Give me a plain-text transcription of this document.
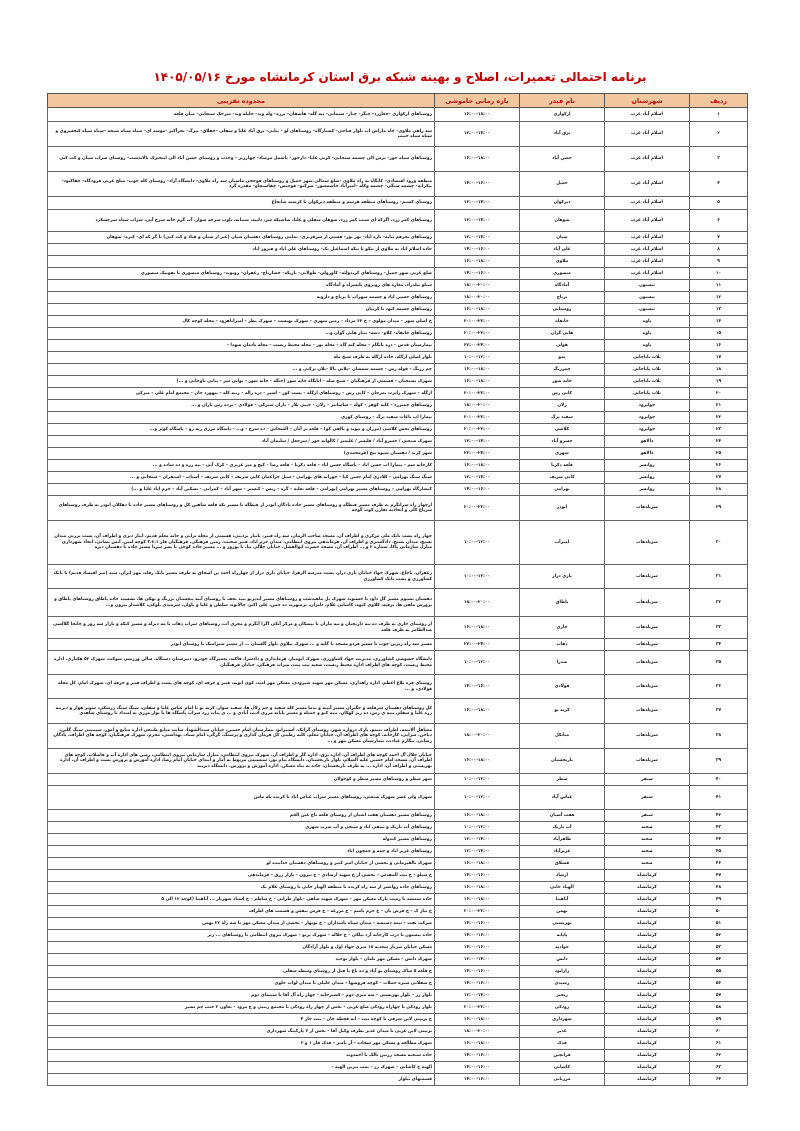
برنامه احتمالی تعمیرات، اصلاح و بهینه شبکه برق استان کرمانشاه مورخ ۱۴۰۵/۰۵/۱۶
ردیف	شهرستان	نام فیدر	بازه زمانی خاموشی	محدوده تقریبی
۱	اسلام آباد غرب	ارکوازی	۱۶:۰۰-۱۸:۰۰	روستاهای ارکوازی –چغازرد– چنگر– چنار– سیمانی– تیه گله– هاشقان– برزه– وله وند– جلیله وند– سرخک سنجابی– میان قلعه
۲	اسلام آباد غرب	برق آباد	۱۲:۰۰-۱۴:۰۰	سه راهی ملاوی– چاه ماراش اب بلوار فتاحی– کشتارگاه– روستاهای لو – بنانی– برق آباد علیا و سفلی –چقلاق– بیرگ– تجرآکبر –موسه ای– سیاه سیاه شیخه –سیاه سیاه کیخسروی و سیاه سیاه حبیب
۳	اسلام آباد غرب	حسن آباد	۱۶:۰۰-۱۸:۰۰	روستاهای سیاه خور– ترس الی چشمه سنجابی– کربی علیا– دارخور– باشمل مرصاد– چهارزبر – وحدت و روستای حسن آباد الی انتخبرک تالاندشت– روستای سراب شیان و کت کنی
۴	اسلام آباد غرب	حمیل	۱۴:۰۰-۱۶:۰۰	منطقه ورود اقتصادی– کانگاه نه راه ملاوی –ضلع شمالی شهر حمیل و روستاهای قوجحی ماسبان سه راه ملاوی– دانشگاه آزاد– روستای کله جوب– منلج غربی فرودگاه– چقاکبود– بیکرانه– چشمه سنگی– چشمه وکله –امیرآباد خاشمسور– سرکنو– قوجبس– چقاسنچاو– مقدره گرد
۵	اسلام آباد غرب	دیرکوان	۱۲:۰۰-۱۴:۰۰	روستای کشتم– روستاهای منطقه هرسم و منطقه دیرکوان تا کرشته شانجاغ
۶	اسلام آباد غرب	شوهان	۱۲:۰۰-۱۴:۰۰	روستاهای کمر زرد، اگرکه ای شبت کمر زرد، شوهان سفلی و علیا، شاشیکه سر، دلیبه، شنبانه، تاوت سرخه سوار، آب گرم خانه سرخ آبی، سراب سیاه سرچشکرد
۷	اسلام آباد غرب	شیان	۱۲:۰۰-۱۴:۰۰	روستاهای تحرقم پنانه– تازه اباد– نور نور– قستی از سرقرنزی– تمامی روستاهای دهستان شیان (غیر از شیان و قباد و کت کنی) تا گر که ای– کنره– شوهان
۸	اسلام آباد غرب	علی آباد	۱۴:۰۰-۱۶:۰۰	جاده اسلام اباد به ملاوی از تنکو تا تنکه اسماعیل بک– روستاهای علی اباد و فیروز اباد
۹	اسلام آباد غرب	ملاوی	۱۶:۰۰-۱۸:۰۰	
۱۰	اسلام آباد غرب	منصوری	۱۴:۰۰-۱۶:۰۰	ضلع غربی شهر حمیل– روستاهای کرندولئه– کاورولی– طولابی– باریکه– خسارتاج– زعفران– رونوند– روستاهای منصوری تا نفونیک منصوری
۱۱	بیستون	آمادگاه	۱۸:۰۰-۲۰:۰۰	سیلو بیلدراد، مغازه های روبروی پلیسراه و آمادگاه
۱۲	بیستون	برناج	۱۸:۰۰-۲۰:۰۰	روستاهای حسین اباد و چشمه سهراب تا برناج و دارونه
۱۳	بیستون	روستایی	۱۶:۰۰-۱۸:۰۰	روستاهای چشمه کبود تا کرنیان
۱۴	پاوه	خانقاه	۲۰:۰۰-۲۲:۰۰	خ اصلی شهر – میدان مولوی – خ ۲۲ مرداد – زمین شهری – شهرک تهیست – شهرک نظر – امیراباهرود – محله کوچه کال
۱۵	پاوه	هانی گران	۲۰:۰۰-۲۲:۰۰	روستاهای خانقاه– کلاو– دشه– بیناز هانی گوان و...
۱۶	پاوه	هولی	۲۲:۰۰-۲۴:۰۰	بیمارستان قدس – دره بانگام – محله کته گاه – محله بوز – محله محیط زیست – محله یادمان شهدا –
۱۷	ثلاث باباجانی	بمو	۱۰:۰۰-۱۲:۰۰	بلوار اصلی ازگله، جاده ازگله به طرف شیخ مله
۱۸	ثلاث باباجانی	چمرزنگ	۱۶:۰۰-۱۸:۰۰	چم زرنگ – قوله رش – چشمه شمشان –بلاتی بالا –بلان ترکنی و ...
۱۹	ثلاث باباجانی	خانه شور	۱۶:۰۰-۱۸:۰۰	شهرک بسیجیان – قسمتی از فرهنگیان – شیخ صله – ابانگاه خانه شور (جنگه – خانه شور – بوانی سر – بنانی تاوخانی و ...)
۲۰	ثلاث باباجانی	کانی رش	۲۰:۰۰-۲۲:۰۰	ازگله – شهرک زایرت نمرجان – کانی رش – روستاهای ازگله – پشت کور – اسپر – دره زاله – زینه کله – بنهورد جان – مجتمع امام علی – میرکی
۲۱	جوانرود	زلان	۱۸:۰۰-۲۰:۰۰	روستاهای چمبزرد – کلیه کوهر – کوله – ساسانبر – زلان – جینی بلاز – باران سبزکی – فولادی – پرده رش باران و ...
۲۲	جوانرود	سفید برگ	۲۰:۰۰-۲۲:۰۰	بیمارا اب باغات سفید برگ – روستای کوری
۲۳	جوانرود	کلاشی	۲۰:۰۰-۲۲:۰۰	روستاهای بخش کلاشی (مزران و بیوند و بالفی کو) – قلعه بر آبان – الشحاس – ده سرخ – و... – پاسگاه مرزی ریه رو – پاسگاه کوئر و...
۲۴	دالاهو	خسرو آباد	۱۲:۰۰-۱۴:۰۰	شهرک صنعتی / خسرو آباد / قلیسر / علیمیر / کالوانه خور / سرجعل / سلیمان آباد
۲۵	دالاهو	شهری	۲۲:۰۰-۲۴:۰۰	شهر کرند / دهستان شیوه نیچ (قرمحمدی)
۲۶	روانسر	قلعه ذکریا	۱۶:۰۰-۱۸:۰۰	کارخانه سم – بیمارا اب حسن اباد – پاسگاه حسن اباد – قلعه ذکریا – قلعه رضا – کیچ و میر عزیزی – کرک آبی – ننه رزه و ده ساده و ...
۲۷	روانسر	کانی شریف	۱۲:۰۰-۱۴:۰۰	سنگ سنگ بهرامی – کلادری امام حسن کیا – خوزانه های بهرامی – سیل چراغمان کانی شریف – کانی شریف – آسیاب – اسنقران – سنجانی و ...
۲۸	روانسر	بهرامی	۱۴:۰۰-۱۶:۰۰	کنشارگاه بهرامی – روستاهای مسیر بهرامی (بهرامی – قلعه تعلیه – گره – ریس – کنستر – شهر آباد – کمرانی – نسکین آباد – خرم اباد علیا و ...)
۲۹	سرپلذهاب	ابوذر	۲۰:۰۰-۲۲:۰۰	ازچهار راه سرابگرم به طرف مسیر قبطگه و روستاهای مسیر جاده پادگان ابوذر از قبطگه تا مسیر تکه قلعه شاهین کل و روستاهای مسیر جاده تا دهکلان ابوذر به طرف روستاهای سرپاغ کلی و اتحادیه تقارن کوب گوچه
۳۰	سرپلذهاب	امیرآب	۱۰:۰۰-۱۲:۰۰	چهار راه پشت بانک ملی مرکزی و اطراف آن، مسجد صاحب الزمان، سه راه قنبر، بانیار بزدینی، قسمتی از محله ترانی و خانه معلم قدیم، انبار دیزی و اطراف آن، پست بزرتی میدان بسیج، میدان بسیج، دادگستری و اطراف آن، فرماندهی نیروی انتظامی، میدان خرم اباد، قنبر صحبت، زمین فرهنگی، فرهنگیان فاز ۳،۲،۱ کوچه امین، آتش نشانی، اتحاد شهرداری منازل سازمانی پاکا، شماره ۲ و ... اطراف آن، مسجد حضرت ابوالفضل، خیابان جلالی نیا، تا نوروز و ... مسیر جاده کوچی تا نصر سرتا مسیر جاده تا دهستان دیره
۳۱	سرپلذهاب	بازی دراز	۱۰:۰۰-۱۲:۰۰	زعفران، پاچاغ، شهرک جهاد خیابان بازی دراز، پشت مدرسه الزهرا، خیابان بازی دراز از چهارراه احمد بن اسحاق به طرف مسیر بانک رفاه، مهر ایران، سید (میر اقتصاد قدیم) تا بانک کشاورزی و پشت بانک کشاورزی
۳۲	سرپلذهاب	پاطاق	۱۸:۰۰-۲۰:۰۰	دهستان بشیوم مسیر گل داود تا حسنوند شهرک پل ماهیدشت و روستاهای مسیر آبدیرنو نبید نجف تا روستای آبنه پنجستان برزنگ و بهکی ها، نشست جاده پاطاق روستاهای پاطاق و پرورش ماهی ها، برقيه، کلاوی کیوه، کاشانی غلام، دلیران، ترمیهره، ده چمن، علی اکبر، چالانوه، سلطن و علیا و باوان، سرمیدی بلوکی، کلاشدار بیرون و...
۳۳	سرپلذهاب	جاری	۱۶:۰۰-۱۸:۰۰	از روستای جاری به طرف ده تیه داربچنان و تیه ماران تا نیشکان و مرکز آبکی اگرا آبگرم و مجری آب، روستاهای سراب ذهاب تا مه دبرله و مسیر کیکه و بازار سه روز و جابجا گلالسی صدالظامر به طرف قلعه
۳۴	سرپلذهاب	ذهاب	۲۲:۰۰-۲۴:۰۰	مسیر سه راه ریزین جوب تا مسیر فردو مسجد با گلیه و ... شهرک بیلاوی بلوار گلستان ... از مسیر سیرامیک تا روستای ابوذر
۳۵	سرپلذهاب	صدرا	۱۰:۰۰-۱۲:۰۰	دانشگاه خصوصی کشاورزی، مدیریت جهاد کشاورزی، شهرک ابومبار، فرمانداری و دادسرا، فاکیه، تعمیرگاه خودرو، دبیرستان دستگاه، سالن ورزشی شوکت، شهرک ۵۲ هکتاری، اداره محیط زیست، کوچه های اطراف اداره محیط زیست، شعبه ثبت پیت، میراث فرهنگی، خیابان فرهنگیان
۳۶	سرپلذهاب	فولادی	۱۴:۰۰-۱۶:۰۰	روستای قره بلاغ اعظم، اداره راهداری، مسکن مهر شهید شیرودی، مسکن مهر امید، کوی اتوبه، قنبر و حرفه ای، کوچه های پشت و اطراف قنبر و حرفه ای، شهرک امام، کل محله فولادی، و ...
۳۷	سرپلذهاب	کرنه نو	۱۶:۰۰-۱۸:۰۰	کل روستاهای دهستان سرقلعه و جگیران مسیر آبینه و ندما مسیر کله سفید و چم زلال ها، سفید سوار، کرنه نو تا امام عباس علیا و سفلی، سنگ سنگ زرشکی، سوبر هوار و دیرینه زره علیا و سفلی تنبه ی رش، ده زیر کهکان، تنبه کنو و خمیله و مسیر پایانه مرزی ادیب آبادی و ... ی بنات زرد سراب پاسگاه ها تا نوار مرزی به امتداد تا روستای شاهدی
۳۸	سرپلذهاب	مبانکل	۱۸:۰۰-۲۰:۰۰	مشاهل آلاثیمه، اطراف بتیمو، پارک دروازه شهر، روستای گرانک، اسپیرانو، بیمارستان امام حسین، خیابان سیدالشهدا، سایت منابع طبیعی اداره منابع و امور، سپیتینی سنگ گلین، دیاخن، سرایی، کارخانه، کوچه های اطراف آن، خیابان معلم، کلیه رطبنی کل فرمان گذاری و پرسنگ، گرگی، امام ستاد، بهداشتی، محرم، شهرک فرهنگیان، کوچه های اطراف، پادگان رضایی، بنگارم عبادت، بیمارستان مسکن مهر و ...
۳۹	سرپلذهاب	نارنجستان	۱۶:۰۰-۱۸:۰۰	خیابان جلال آل احمد کوچه های اطراف آن، اداره برق، اداره گاز و اطراف آن، شهرک نیروی انتظامی، منازل سازمانی نیروی انتظامی، زمین های اداره آب و فاضلاب، کوچه های اطراف آن، مسجد امام حسین علیه السلام، بلوار نارنجستان، دانشگاه پیام نور، سیستمی مربوط به آمار و ابتدای خیابان امام رضا، اداره آموزش و پرورش پشت و اطراف آن، اداره بهزیستی و اطراف آن، اداره ... به طرف نارنجستان، جاده به بناه مسکن، اداره آموزش و پرورش، دانشگاه دیرینه
۴۰	سنقر	سطر	۱۰:۰۰-۱۲:۰۰	شهر سطر و روستاهای مسیر سطر و کوخولان
۴۱	سنقر	عباس آباد	۱۰:۰۰-۱۲:۰۰	شهرک ولی عصر شهرک صنعتی، روستاهای مسیر سراب عباس آباد تا کرنده تله ماس
۴۲	سنقر	هفت آشیان	۱۶:۰۰-۱۸:۰۰	روستاهای مسیر دهستان هفت اشیان از روستای قلعه تاج عین الخم
۴۳	صحنه	آب باریک	۱۰:۰۰-۱۲:۰۰	روستاهای آب باریک و بنیفی اباد و شیخی و آب شرب شهری
۴۴	صحنه	طاهرآباد	۱۲:۰۰-۱۴:۰۰	روستاهای مسیر کندوله
۴۵	صحنه	عزیزآباد	۱۲:۰۰-۱۴:۰۰	روستاهای عزیز اباد و چمه و چمچون اباد
۴۶	صحنه	قشلاق	۱۶:۰۰-۱۸:۰۰	شهرک نالفیرمانی و بخشی از خیابان امیر کبیر و روستاهای دهستان خدابنده لو
۴۷	کرمانشاه	ارشاد	۱۴:۰۰-۱۶:۰۰	خ سیلو – خ بیت المقدس – بخشی از خ شهید ارشادی – ج بیرون – بازار رزق – فرماندهی
۴۸	کرمانشاه	الهیاد خانی	۱۶:۰۰-۱۸:۰۰	روستاهای جاده روانسر از سه راه کرنده تا منطقه الهیار خانی تا روستای غلام بک
۴۹	کرمانشاه	آناهیتا	۱۶:۰۰-۱۸:۰۰	جاده شمشه تا زمیت پارک مسکن مهر – شهرک شهید شاهی –بلوار طرانی – خ ساطم – خ استاد شهریار ... آناهیتا (کوچه ۱۲ الی ۵
۵۰	کرمانشاه	بهمن	۲۰:۰۰-۲۲:۰۰	خ نیاز ک – خ فرش بان – خ خرم یاشم – خ مزرعه – خ فرش بنفش و قسمت های اطراف
۵۱	کرمانشاه	بهزیستی	۱۴:۰۰-۱۶:۰۰	شرکت نفت – تیمه دستشه – میدان سپاه پاسداران – خ نوبهار – بخشی از میدان مسکن مهر تا سه راه ۲۲ بهمن
۵۲	کرمانشاه	پاپانه	۱۴:۰۰-۱۶:۰۰	جاده بیستون تا درب کارخانه آرد بیلکی – خ جلاله – شهرک پرتو – شهرک نیروی انتظامی تا روستاهای ... زیر
۵۳	کرمانشاه	جوادیه	۱۴:۰۰-۱۶:۰۰	مسکن خیابان سرباز سعدیه ۱۸ متری جهاد اول و بلوار آزادگان
۵۴	کرمانشاه	دانش	۱۲:۰۰-۱۴:۰۰	شهرک دانش – مسکن مهر نلمان – بلوار توحید
۵۵	کرمانشاه	زاراتود	۱۴:۰۰-۱۶:۰۰	خ قلعه ۵ ساک روستای نو آباد و ده باغ تا قبل از روستای وسطه سفلی
۵۶	کرمانشاه	رشیدی	۱۴:۰۰-۱۶:۰۰	خ شقلانی ستره جملات – کوچه فروشها – میدان خلیلی تا میدان لواب حلوی
۵۷	کرمانشاه	رنجبر	۱۲:۰۰-۱۴:۰۰	بلوار رز – بلوار بهزیستی – سه متری دوم – کشترخانه – چهار راه آل آقا تا سینمای دوم
۵۸	کرمانشاه	رودکی	۲۰:۰۰-۲۲:۰۰	بلوار رودکی تا چهاراه رودکی ضلع غربی – بخش از چهار راه رودکی تا مجتمع زنتیی و خ مرود – تعاون ۲ جنب چم بشیر
۵۹	کرمانشاه	شهرداری	۱۶:۰۰-۱۸:۰۰	خ تربیتی لاین شرقی تا کوچه ثبت – ابه فحطه جان – بیت خاز ۴
۶۰	کرمانشاه	غدیر	۱۸:۰۰-۲۰:۰۰	تربیتی لاین غربی تا میدان غدیر بطرف وکیل آقا – بخش از ۲ پارکینگ شهرداری
۶۱	کرمانشاه	فدک	۱۶:۰۰-۱۸:۰۰	شهرک مطالعه و مسکن مهر سجاده – آر پامتر – فدک فاز ۱ و ۲
۶۲	کرمانشاه	فرانچین	۱۴:۰۰-۱۶:۰۰	جاده سنجبه مسجد رزنین تالک تا احمدوند
۶۳	کرمانشاه	کاشانی	۱۴:۰۰-۱۶:۰۰	الهیه خ کاشانی – شهرک رز – پمپ بنزین الهیه –
۶۴	کرمانشاه	مرزبانی	۱۴:۰۰-۱۶:۰۰	قسمتهای نیلوار
